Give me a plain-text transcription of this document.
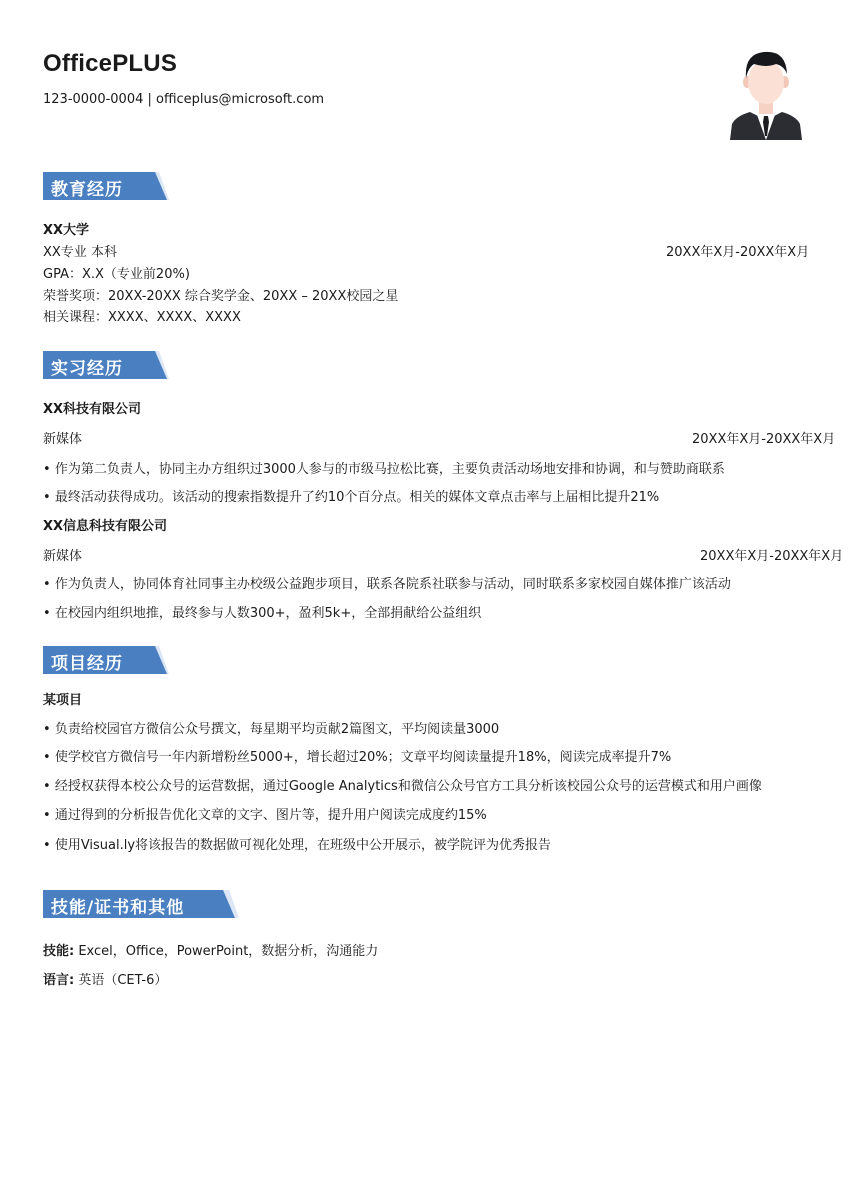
OfficePLUS
123-0000-0004 | officeplus@microsoft.com
教育经历
XX大学
XX专业 本科	20XX年X月-20XX年X月
GPA：X.X（专业前20%)
荣誉奖项：20XX-20XX 综合奖学金、20XX – 20XX校园之星
相关课程：XXXX、XXXX、XXXX
实习经历
XX科技有限公司
新媒体	20XX年X月-20XX年X月
• 作为第二负责人，协同主办方组织过3000人参与的市级马拉松比赛，主要负责活动场地安排和协调，和与赞助商联系
• 最终活动获得成功。该活动的搜索指数提升了约10个百分点。相关的媒体文章点击率与上届相比提升21%
XX信息科技有限公司
新媒体	20XX年X月-20XX年X月
• 作为负责人，协同体育社同事主办校级公益跑步项目，联系各院系社联参与活动，同时联系多家校园自媒体推广该活动
• 在校园内组织地推，最终参与人数300+，盈利5k+，全部捐献给公益组织
项目经历
某项目
• 负责给校园官方微信公众号撰文，每星期平均贡献2篇图文，平均阅读量3000
• 使学校官方微信号一年内新增粉丝5000+，增长超过20%；文章平均阅读量提升18%，阅读完成率提升7%
• 经授权获得本校公众号的运营数据，通过Google Analytics和微信公众号官方工具分析该校园公众号的运营模式和用户画像
• 通过得到的分析报告优化文章的文字、图片等，提升用户阅读完成度约15%
• 使用Visual.ly将该报告的数据做可视化处理，在班级中公开展示，被学院评为优秀报告
技能/证书和其他
技能: Excel，Office，PowerPoint，数据分析，沟通能力
语言: 英语（CET-6）
